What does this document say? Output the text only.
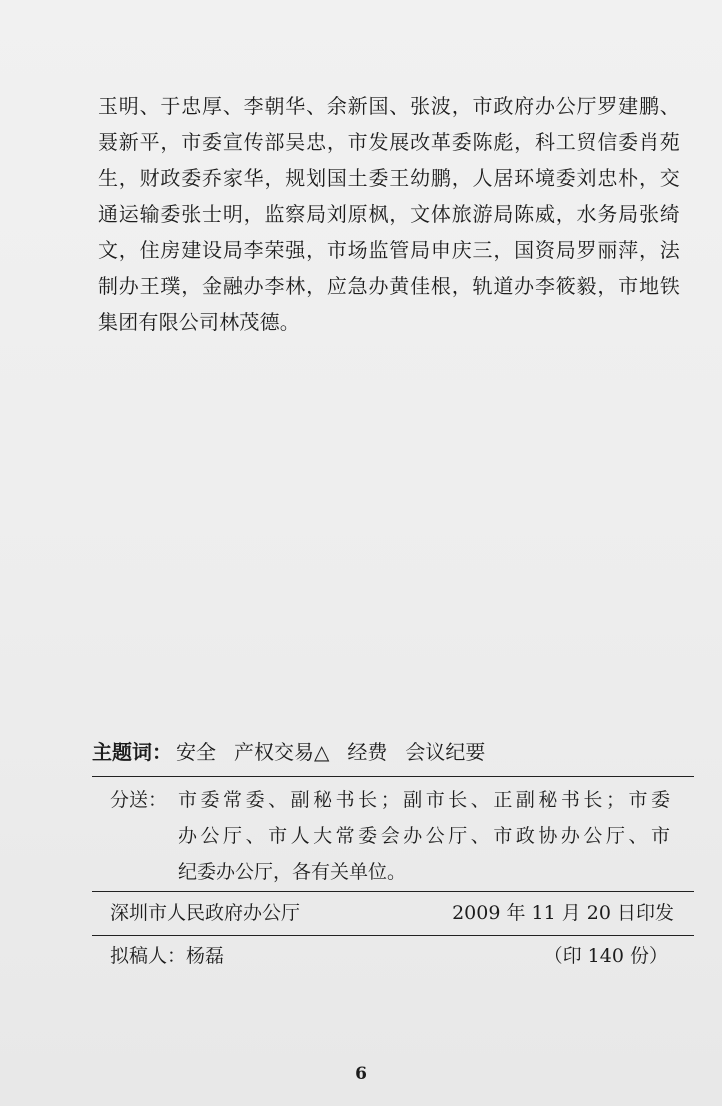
玉明、于忠厚、李朝华、余新国、张波，市政府办公厅罗建鹏、
聂新平，市委宣传部吴忠，市发展改革委陈彪，科工贸信委肖苑
生，财政委乔家华，规划国土委王幼鹏，人居环境委刘忠朴，交
通运输委张士明，监察局刘原枫，文体旅游局陈威，水务局张绮
文，住房建设局李荣强，市场监管局申庆三，国资局罗丽萍，法
制办王璞，金融办李林，应急办黄佳根，轨道办李筱毅，市地铁
集团有限公司林茂德。
主题词： 安全 产权交易△ 经费 会议纪要
分送： 市委常委、副秘书长；副市长、正副秘书长；市委
办公厅、市人大常委会办公厅、市政协办公厅、市
纪委办公厅，各有关单位。
深圳市人民政府办公厅	2009 年 11 月 20 日印发
拟稿人：杨磊	（印 140 份）
6
